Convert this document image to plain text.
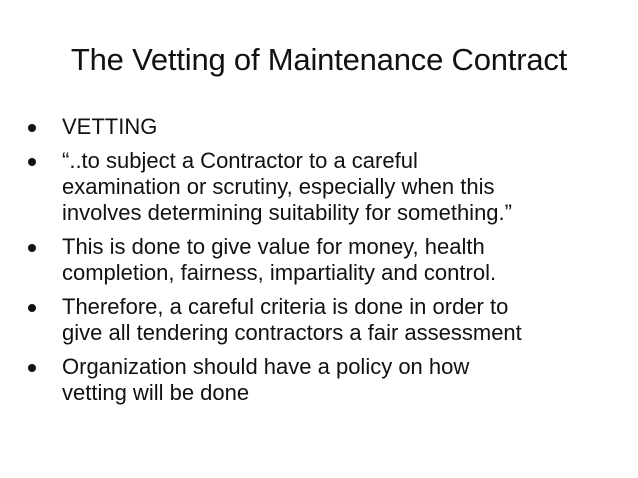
The Vetting of Maintenance Contract
VETTING
“..to subject a Contractor to a careful
examination or scrutiny, especially when this
involves determining suitability for something.”
This is done to give value for money, health
completion, fairness, impartiality and control.
Therefore, a careful criteria is done in order to
give all tendering contractors a fair assessment
Organization should have a policy on how
vetting will be done
